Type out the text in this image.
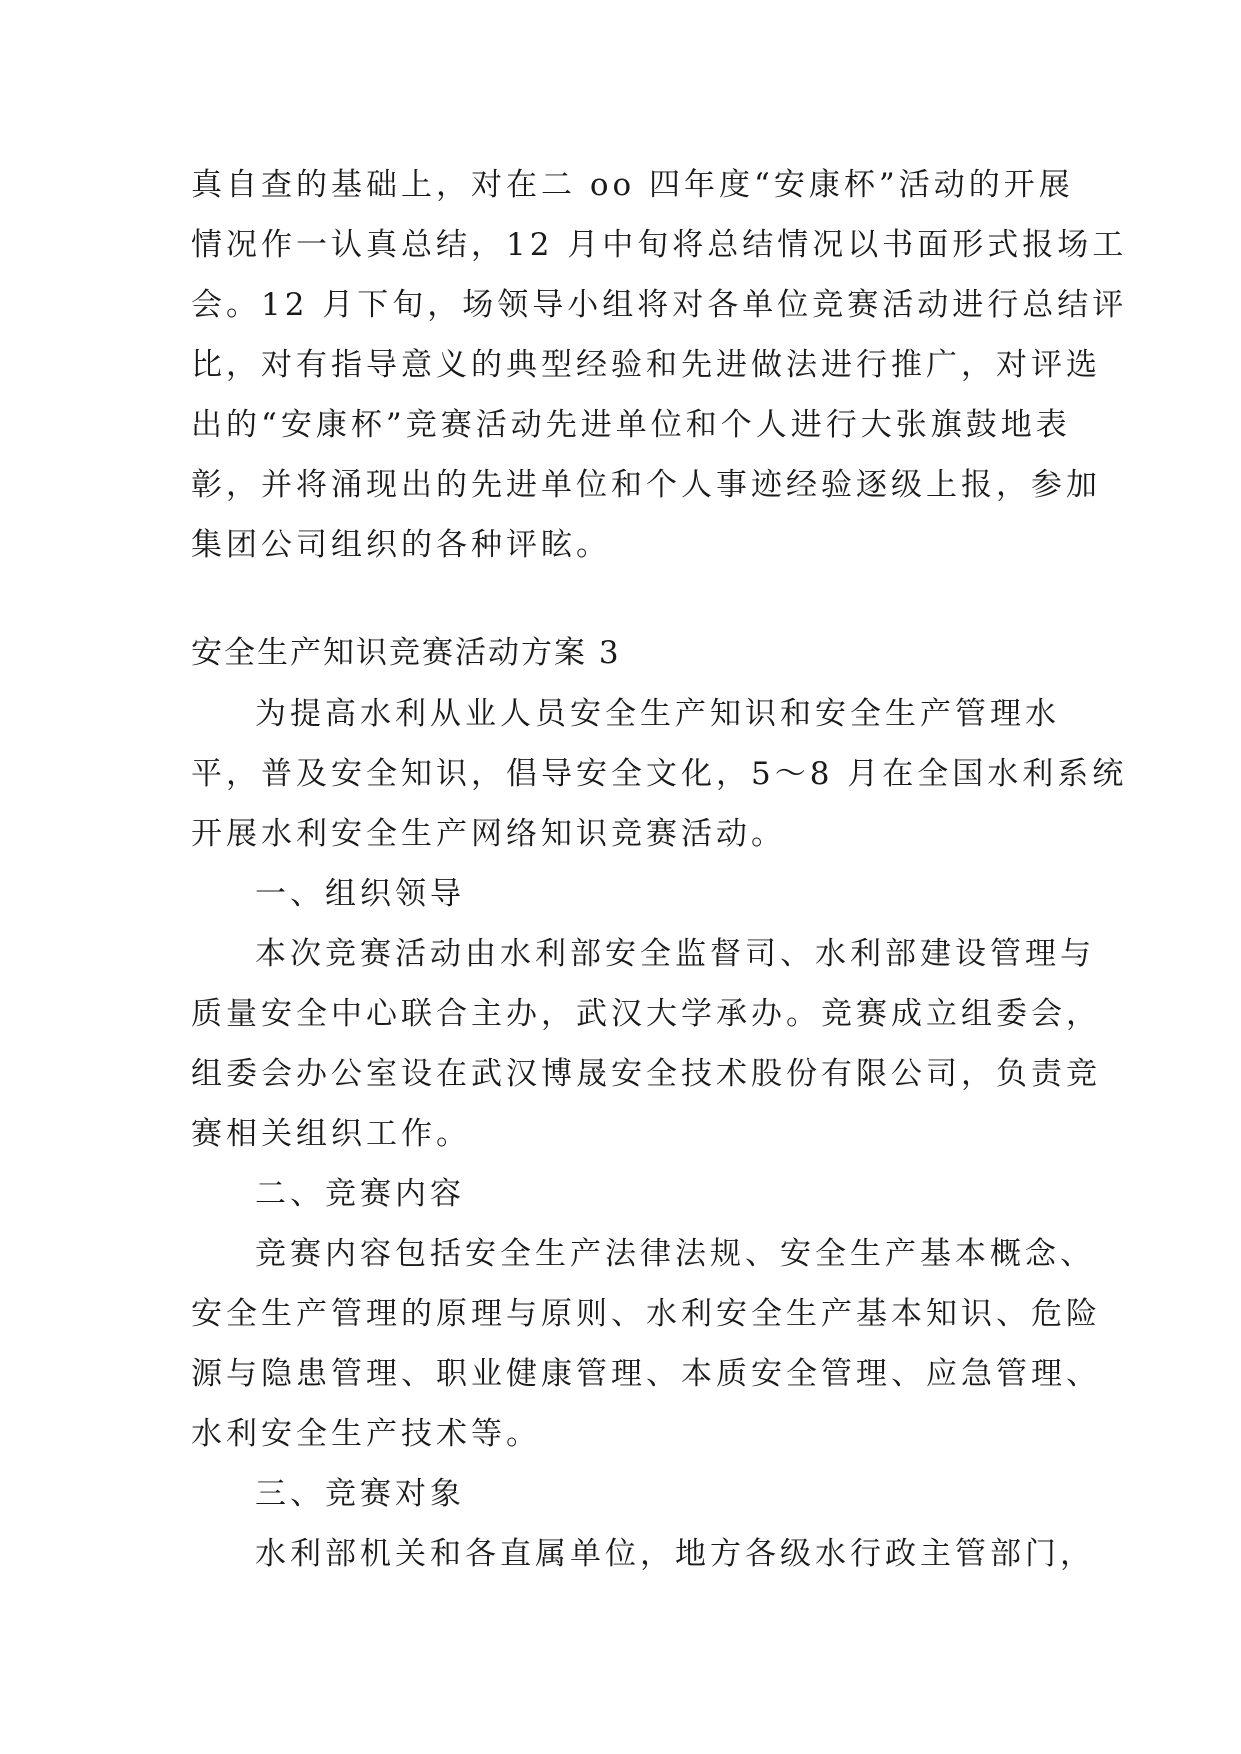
真自查的基础上，对在二 oo 四年度“安康杯”活动的开展
情况作一认真总结，12 月中旬将总结情况以书面形式报场工
会。12 月下旬，场领导小组将对各单位竞赛活动进行总结评
比，对有指导意义的典型经验和先进做法进行推广，对评选
出的“安康杯”竞赛活动先进单位和个人进行大张旗鼓地表
彰，并将涌现出的先进单位和个人事迹经验逐级上报，参加
集团公司组织的各种评眩。
安全生产知识竞赛活动方案 3
为提高水利从业人员安全生产知识和安全生产管理水
平，普及安全知识，倡导安全文化，5～8 月在全国水利系统
开展水利安全生产网络知识竞赛活动。
一、组织领导
本次竞赛活动由水利部安全监督司、水利部建设管理与
质量安全中心联合主办，武汉大学承办。竞赛成立组委会，
组委会办公室设在武汉博晟安全技术股份有限公司，负责竞
赛相关组织工作。
二、竞赛内容
竞赛内容包括安全生产法律法规、安全生产基本概念、
安全生产管理的原理与原则、水利安全生产基本知识、危险
源与隐患管理、职业健康管理、本质安全管理、应急管理、
水利安全生产技术等。
三、竞赛对象
水利部机关和各直属单位，地方各级水行政主管部门，
